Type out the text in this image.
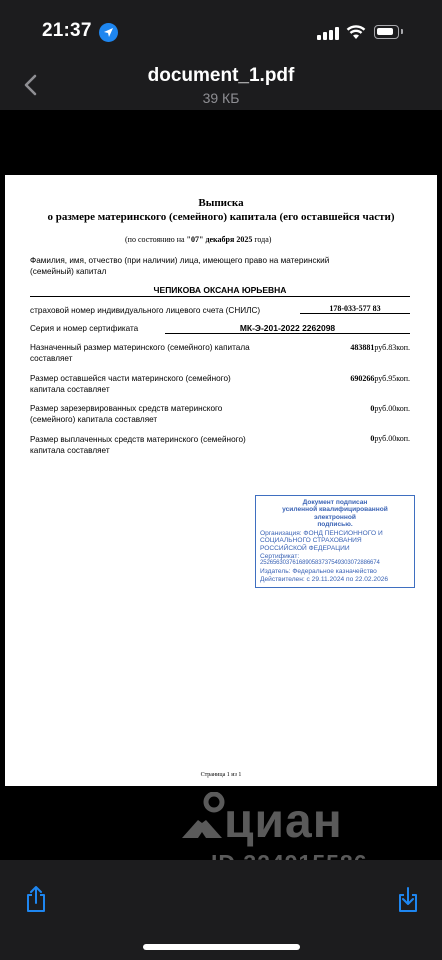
21:37
document_1.pdf
39 КБ
Выписка
о размере материнского (семейного) капитала (его оставшейся части)
(по состоянию на "07" декабря 2025 года)
Фамилия, имя, отчество (при наличии) лица, имеющего право на материнский
(семейный) капитал
ЧЕПИКОВА ОКСАНА ЮРЬЕВНА
страховой номер индивидуального лицевого счета (СНИЛС)	178-033-577 83
Серия и номер сертификата	МК-Э-201-2022 2262098
Назначенный размер материнского (семейного) капитала
составляет
483881руб.83коп.
Размер оставшейся части материнского (семейного)
капитала составляет
690266руб.95коп.
Размер зарезервированных средств материнского
(семейного) капитала составляет
0руб.00коп.
Размер выплаченных средств материнского (семейного)
капитала составляет
0руб.00коп.
Документ подписан
усиленной квалифицированной
электронной
подписью.
Организация: ФОНД ПЕНСИОННОГО И
СОЦИАЛЬНОГО СТРАХОВАНИЯ
РОССИЙСКОЙ ФЕДЕРАЦИИ
Сертификат:
2526563037616890583737549303072886674
Издатель: Федеральное казначейство
Действителен: с 29.11.2024 по 22.02.2026
Страница 1 из 1
циан
